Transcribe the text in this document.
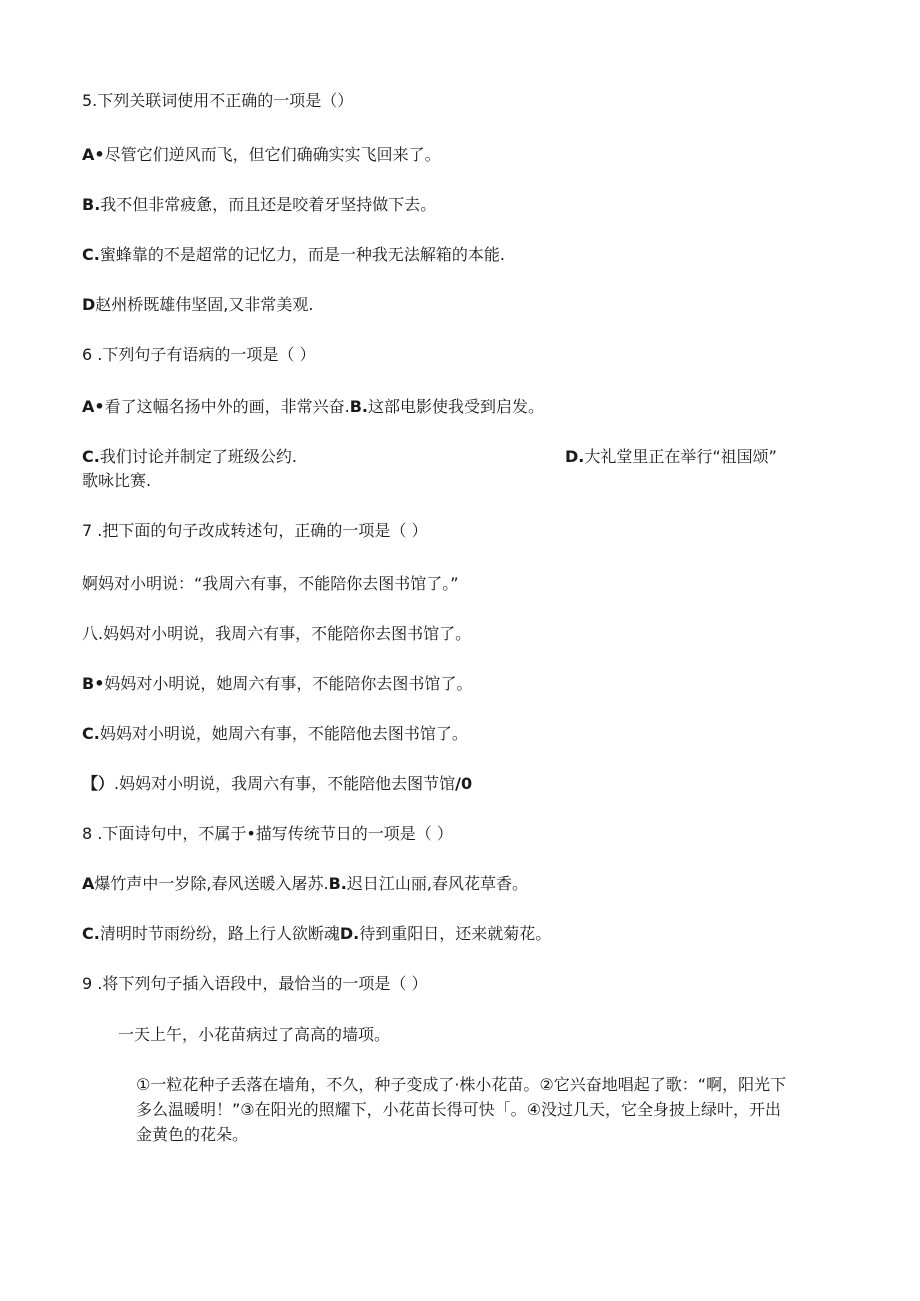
5.下列关联词使用不正确的一项是（）
A•尽管它们逆风而飞，但它们确确实实飞回来了。
B.我不但非常疲惫，而且还是咬着牙坚持做下去。
C.蜜蜂靠的不是超常的记忆力，而是一种我无法解箱的本能.
D赵州桥既雄伟坚固,又非常美观.
6 .下列句子有语病的一项是（ ）
A•看了这幅名扬中外的画，非常兴奋.B.这部电影使我受到启发。
C.我们讨论并制定了班级公约.	D.大礼堂里正在举行“祖国颂”
歌咏比赛.
7 .把下面的句子改成转述句，正确的一项是（ ）
婀妈对小明说：“我周六有事，不能陪你去图书馆了。”
八.妈妈对小明说，我周六有事，不能陪你去图书馆了。
B•妈妈对小明说，她周六有事，不能陪你去图书馆了。
C.妈妈对小明说，她周六有事，不能陪他去图书馆了。
【）.妈妈对小明说，我周六有事，不能陪他去图节馆/0
8 .下面诗句中，不属于•描写传统节日的一项是（ ）
A爆竹声中一岁除,春风送暖入屠苏.B.迟日江山丽,春风花草香。
C.清明时节雨纷纷，路上行人欲断魂D.待到重阳日，还来就菊花。
9 .将下列句子插入语段中，最恰当的一项是（ ）
一天上午，小花苗病过了高高的墙项。
①一粒花种子丢落在墙角，不久，种子变成了·株小花苗。②它兴奋地唱起了歌：“啊，阳光下
多么温暖明！”③在阳光的照耀下，小花苗长得可快「。④没过几天，它全身披上绿叶，开出
金黄色的花朵。
